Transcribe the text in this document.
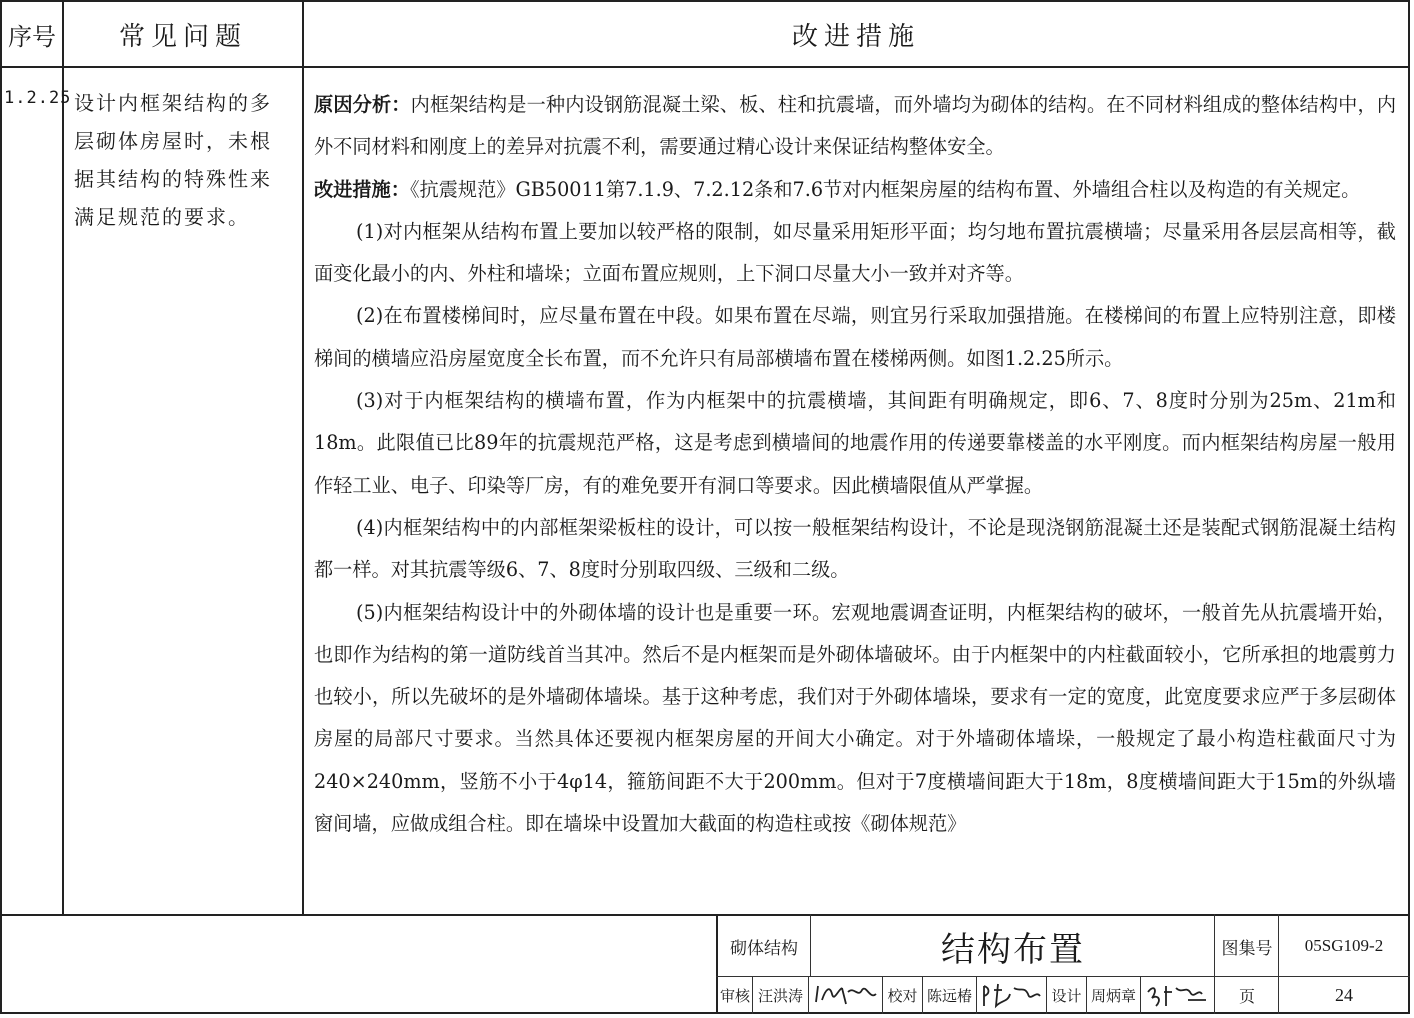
序号 常见问题	改进措施
1.2.25 设计内框架结构的多层砌体房屋时，未根据其结构的特殊性来满足规范的要求。

原因分析：内框架结构是一种内设钢筋混凝土梁、板、柱和抗震墙，而外墙均为砌体的结构。在不同材料组成的整体结构中，内外不同材料和刚度上的差异对抗震不利，需要通过精心设计来保证结构整体安全。

改进措施：《抗震规范》GB50011第7.1.9、7.2.12条和7.6节对内框架房屋的结构布置、外墙组合柱以及构造的有关规定。

(1)对内框架从结构布置上要加以较严格的限制，如尽量采用矩形平面；均匀地布置抗震横墙；尽量采用各层层高相等，截面变化最小的内、外柱和墙垛；立面布置应规则，上下洞口尽量大小一致并对齐等。

(2)在布置楼梯间时，应尽量布置在中段。如果布置在尽端，则宜另行采取加强措施。在楼梯间的布置上应特别注意，即楼梯间的横墙应沿房屋宽度全长布置，而不允许只有局部横墙布置在楼梯两侧。如图1.2.25所示。

(3)对于内框架结构的横墙布置，作为内框架中的抗震横墙，其间距有明确规定，即6、7、8度时分别为25m、21m和18m。此限值已比89年的抗震规范严格，这是考虑到横墙间的地震作用的传递要靠楼盖的水平刚度。而内框架结构房屋一般用作轻工业、电子、印染等厂房，有的难免要开有洞口等要求。因此横墙限值从严掌握。

(4)内框架结构中的内部框架梁板柱的设计，可以按一般框架结构设计，不论是现浇钢筋混凝土还是装配式钢筋混凝土结构都一样。对其抗震等级6、7、8度时分别取四级、三级和二级。

(5)内框架结构设计中的外砌体墙的设计也是重要一环。宏观地震调查证明，内框架结构的破坏，一般首先从抗震墙开始，也即作为结构的第一道防线首当其冲。然后不是内框架而是外砌体墙破坏。由于内框架中的内柱截面较小，它所承担的地震剪力也较小，所以先破坏的是外墙砌体墙垛。基于这种考虑，我们对于外砌体墙垛，要求有一定的宽度，此宽度要求应严于多层砌体房屋的局部尺寸要求。当然具体还要视内框架房屋的开间大小确定。对于外墙砌体墙垛，一般规定了最小构造柱截面尺寸为240×240mm，竖筋不小于4φ14，箍筋间距不大于200mm。但对于7度横墙间距大于18m，8度横墙间距大于15m的外纵墙窗间墙，应做成组合柱。即在墙垛中设置加大截面的构造柱或按《砌体规范》

砌体结构	结构布置	图集号	05SG109-2
审核 汪洪涛	校对 陈远椿	设计 周炳章	页	24
